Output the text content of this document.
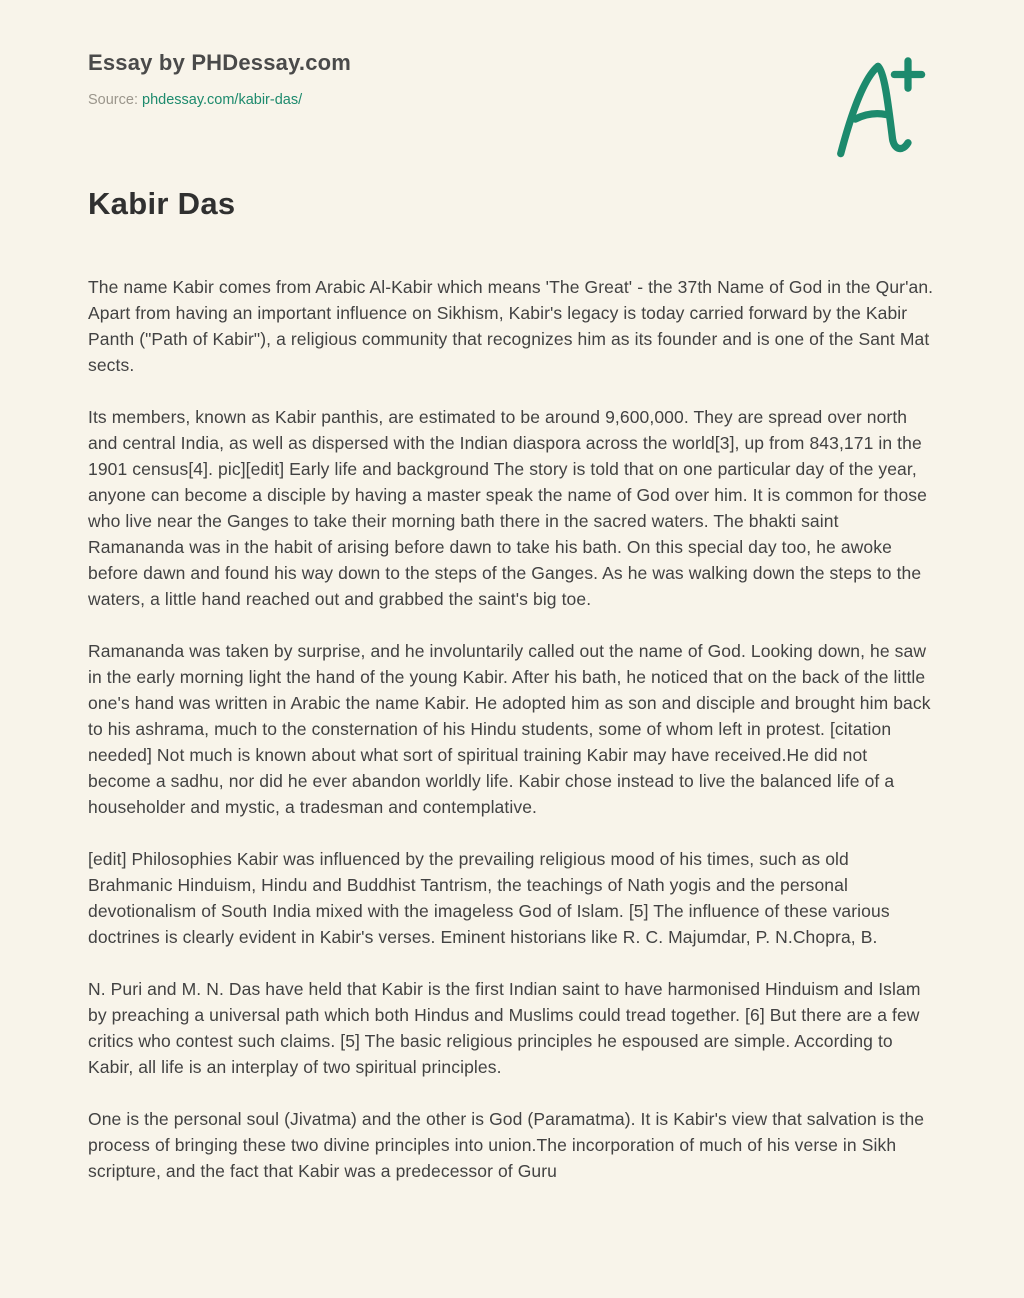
Essay by PHDessay.com
Source: phdessay.com/kabir-das/
Kabir Das

The name Kabir comes from Arabic Al-Kabir which means 'The Great' - the 37th Name of God in the Qur'an. Apart from having an important influence on Sikhism, Kabir's legacy is today carried forward by the Kabir Panth ("Path of Kabir"), a religious community that recognizes him as its founder and is one of the Sant Mat sects.

Its members, known as Kabir panthis, are estimated to be around 9,600,000. They are spread over north and central India, as well as dispersed with the Indian diaspora across the world[3], up from 843,171 in the 1901 census[4]. pic][edit] Early life and background The story is told that on one particular day of the year, anyone can become a disciple by having a master speak the name of God over him. It is common for those who live near the Ganges to take their morning bath there in the sacred waters. The bhakti saint Ramananda was in the habit of arising before dawn to take his bath. On this special day too, he awoke before dawn and found his way down to the steps of the Ganges. As he was walking down the steps to the waters, a little hand reached out and grabbed the saint's big toe.

Ramananda was taken by surprise, and he involuntarily called out the name of God. Looking down, he saw in the early morning light the hand of the young Kabir. After his bath, he noticed that on the back of the little one's hand was written in Arabic the name Kabir. He adopted him as son and disciple and brought him back to his ashrama, much to the consternation of his Hindu students, some of whom left in protest. [citation needed] Not much is known about what sort of spiritual training Kabir may have received.He did not become a sadhu, nor did he ever abandon worldly life. Kabir chose instead to live the balanced life of a householder and mystic, a tradesman and contemplative.

[edit] Philosophies Kabir was influenced by the prevailing religious mood of his times, such as old Brahmanic Hinduism, Hindu and Buddhist Tantrism, the teachings of Nath yogis and the personal devotionalism of South India mixed with the imageless God of Islam. [5] The influence of these various doctrines is clearly evident in Kabir's verses. Eminent historians like R. C. Majumdar, P. N.Chopra, B.

N. Puri and M. N. Das have held that Kabir is the first Indian saint to have harmonised Hinduism and Islam by preaching a universal path which both Hindus and Muslims could tread together. [6] But there are a few critics who contest such claims. [5] The basic religious principles he espoused are simple. According to Kabir, all life is an interplay of two spiritual principles.

One is the personal soul (Jivatma) and the other is God (Paramatma). It is Kabir's view that salvation is the process of bringing these two divine principles into union.The incorporation of much of his verse in Sikh scripture, and the fact that Kabir was a predecessor of Guru
